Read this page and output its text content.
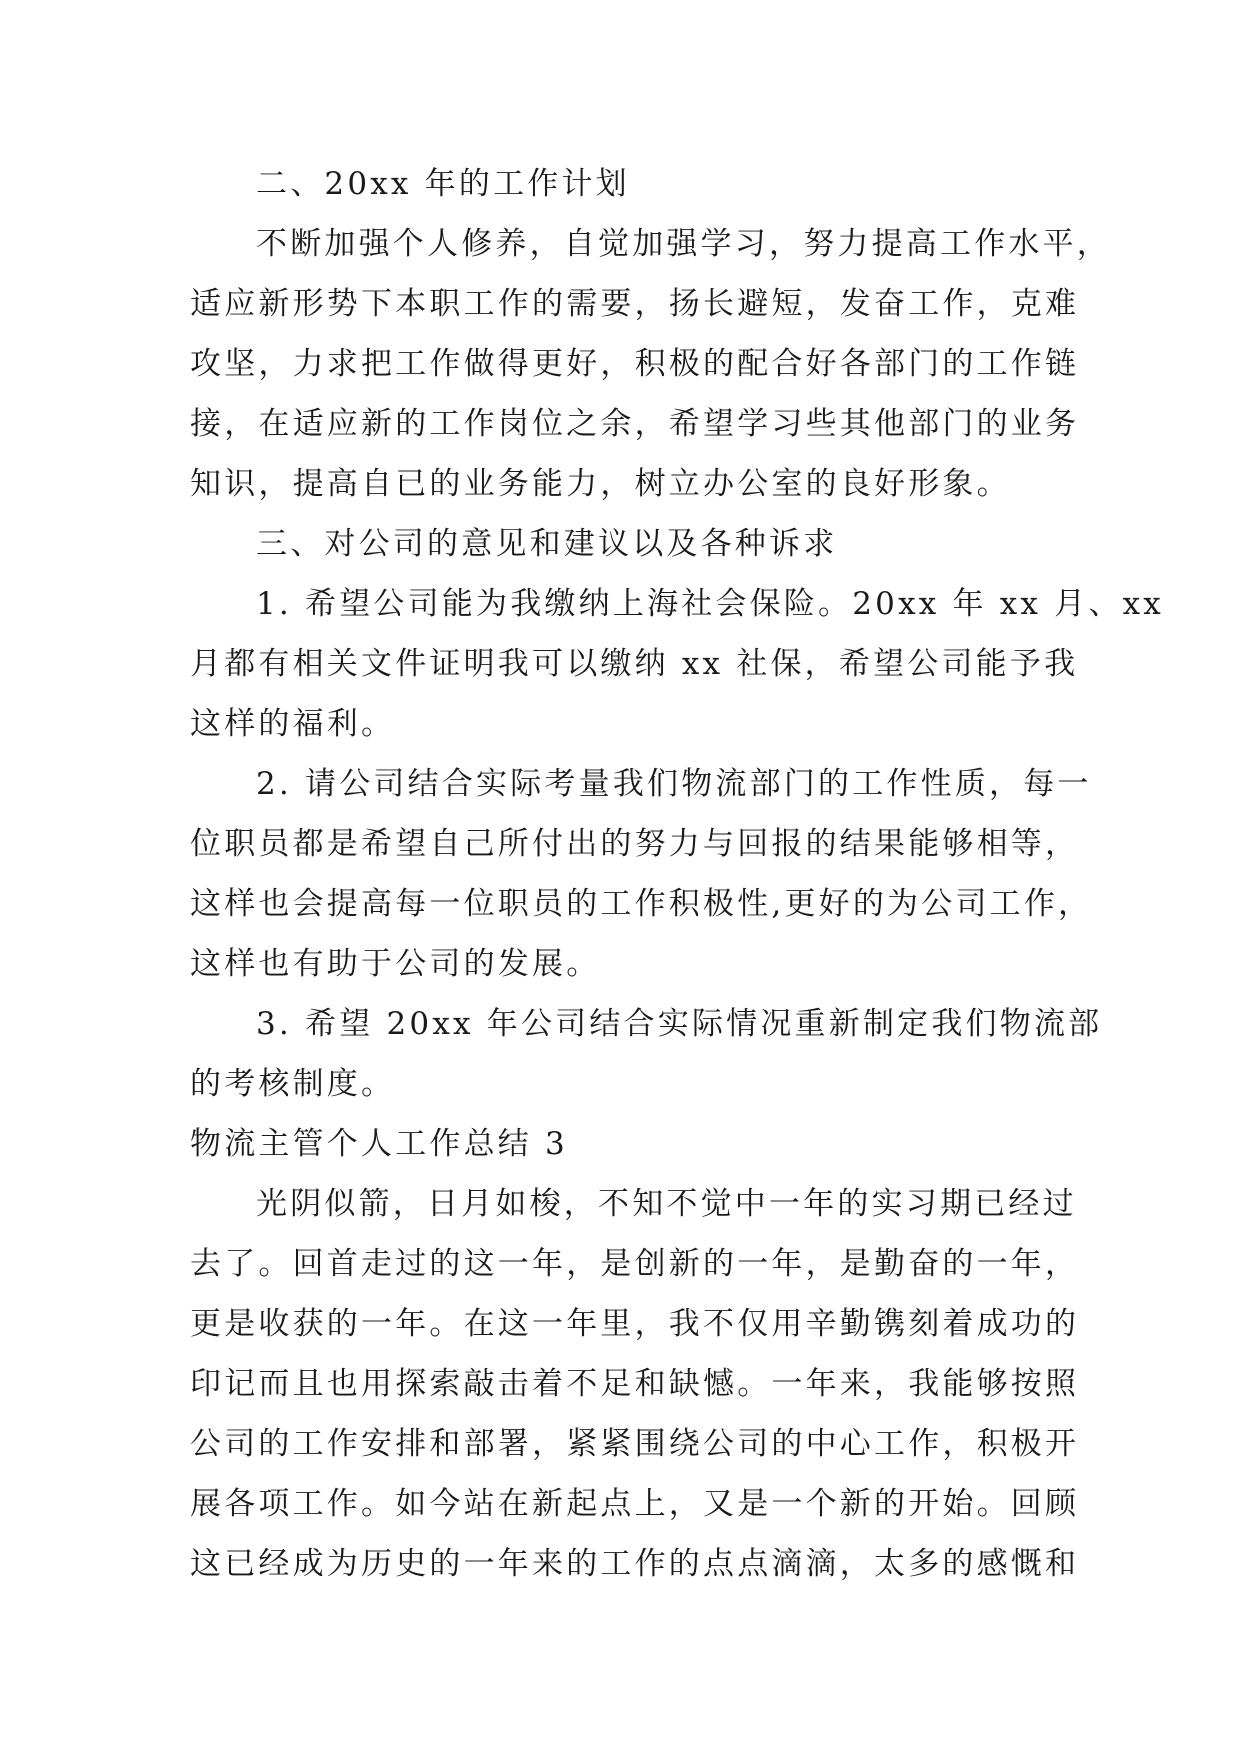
二、20xx 年的工作计划
不断加强个人修养，自觉加强学习，努力提高工作水平，
适应新形势下本职工作的需要，扬长避短，发奋工作，克难
攻坚，力求把工作做得更好，积极的配合好各部门的工作链
接，在适应新的工作岗位之余，希望学习些其他部门的业务
知识，提高自已的业务能力，树立办公室的良好形象。
三、对公司的意见和建议以及各种诉求
1. 希望公司能为我缴纳上海社会保险。20xx 年 xx 月、xx
月都有相关文件证明我可以缴纳 xx 社保，希望公司能予我
这样的福利。
2. 请公司结合实际考量我们物流部门的工作性质，每一
位职员都是希望自己所付出的努力与回报的结果能够相等，
这样也会提高每一位职员的工作积极性,更好的为公司工作，
这样也有助于公司的发展。
3. 希望 20xx 年公司结合实际情况重新制定我们物流部
的考核制度。
物流主管个人工作总结 3
光阴似箭，日月如梭，不知不觉中一年的实习期已经过
去了。回首走过的这一年，是创新的一年，是勤奋的一年，
更是收获的一年。在这一年里，我不仅用辛勤镌刻着成功的
印记而且也用探索敲击着不足和缺憾。一年来，我能够按照
公司的工作安排和部署，紧紧围绕公司的中心工作，积极开
展各项工作。如今站在新起点上，又是一个新的开始。回顾
这已经成为历史的一年来的工作的点点滴滴，太多的感慨和
